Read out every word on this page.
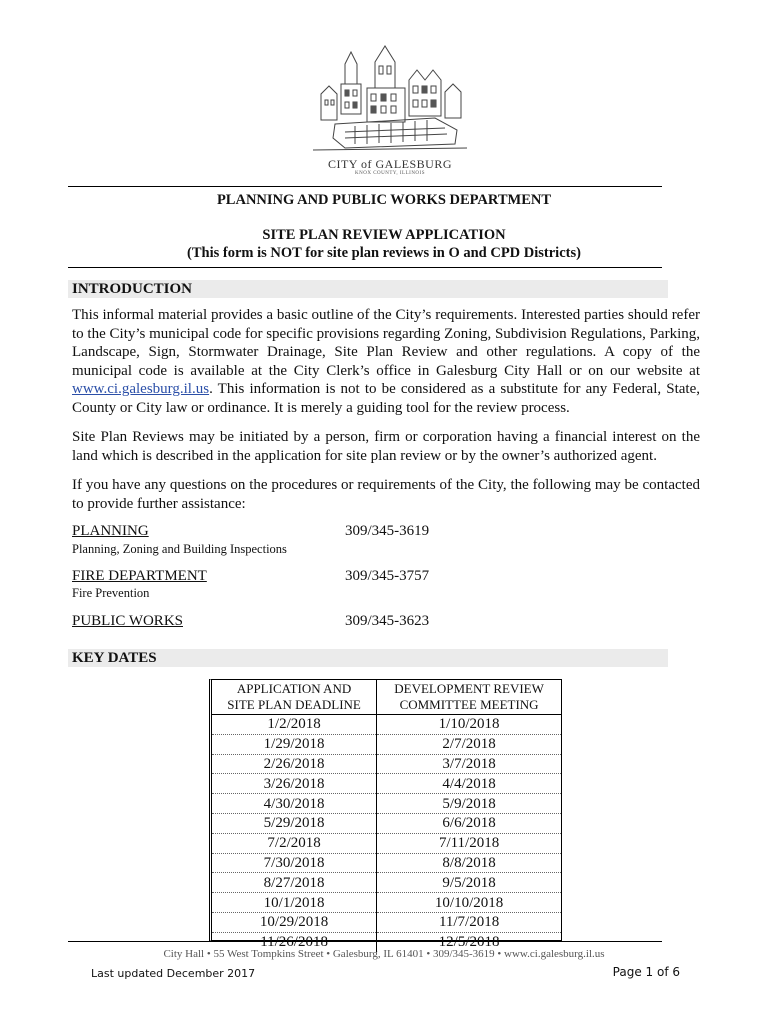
CITY of GALESBURG
KNOX COUNTY, ILLINOIS
PLANNING AND PUBLIC WORKS DEPARTMENT
SITE PLAN REVIEW APPLICATION
(This form is NOT for site plan reviews in O and CPD Districts)
INTRODUCTION
This informal material provides a basic outline of the City’s requirements. Interested parties should refer to the City’s municipal code for specific provisions regarding Zoning, Subdivision Regulations, Parking, Landscape, Sign, Stormwater Drainage, Site Plan Review and other regulations. A copy of the municipal code is available at the City Clerk’s office in Galesburg City Hall or on our website at www.ci.galesburg.il.us. This information is not to be considered as a substitute for any Federal, State, County or City law or ordinance. It is merely a guiding tool for the review process.
Site Plan Reviews may be initiated by a person, firm or corporation having a financial interest on the land which is described in the application for site plan review or by the owner’s authorized agent.
If you have any questions on the procedures or requirements of the City, the following may be contacted to provide further assistance:
PLANNING	309/345-3619
Planning, Zoning and Building Inspections
FIRE DEPARTMENT	309/345-3757
Fire Prevention
PUBLIC WORKS	309/345-3623
KEY DATES
APPLICATION AND
SITE PLAN DEADLINE	DEVELOPMENT REVIEW
COMMITTEE MEETING
1/2/2018	1/10/2018
1/29/2018	2/7/2018
2/26/2018	3/7/2018
3/26/2018	4/4/2018
4/30/2018	5/9/2018
5/29/2018	6/6/2018
7/2/2018	7/11/2018
7/30/2018	8/8/2018
8/27/2018	9/5/2018
10/1/2018	10/10/2018
10/29/2018	11/7/2018
11/26/2018	12/5/2018
City Hall • 55 West Tompkins Street • Galesburg, IL 61401 • 309/345-3619 • www.ci.galesburg.il.us
Last updated December 2017	Page 1 of 6
